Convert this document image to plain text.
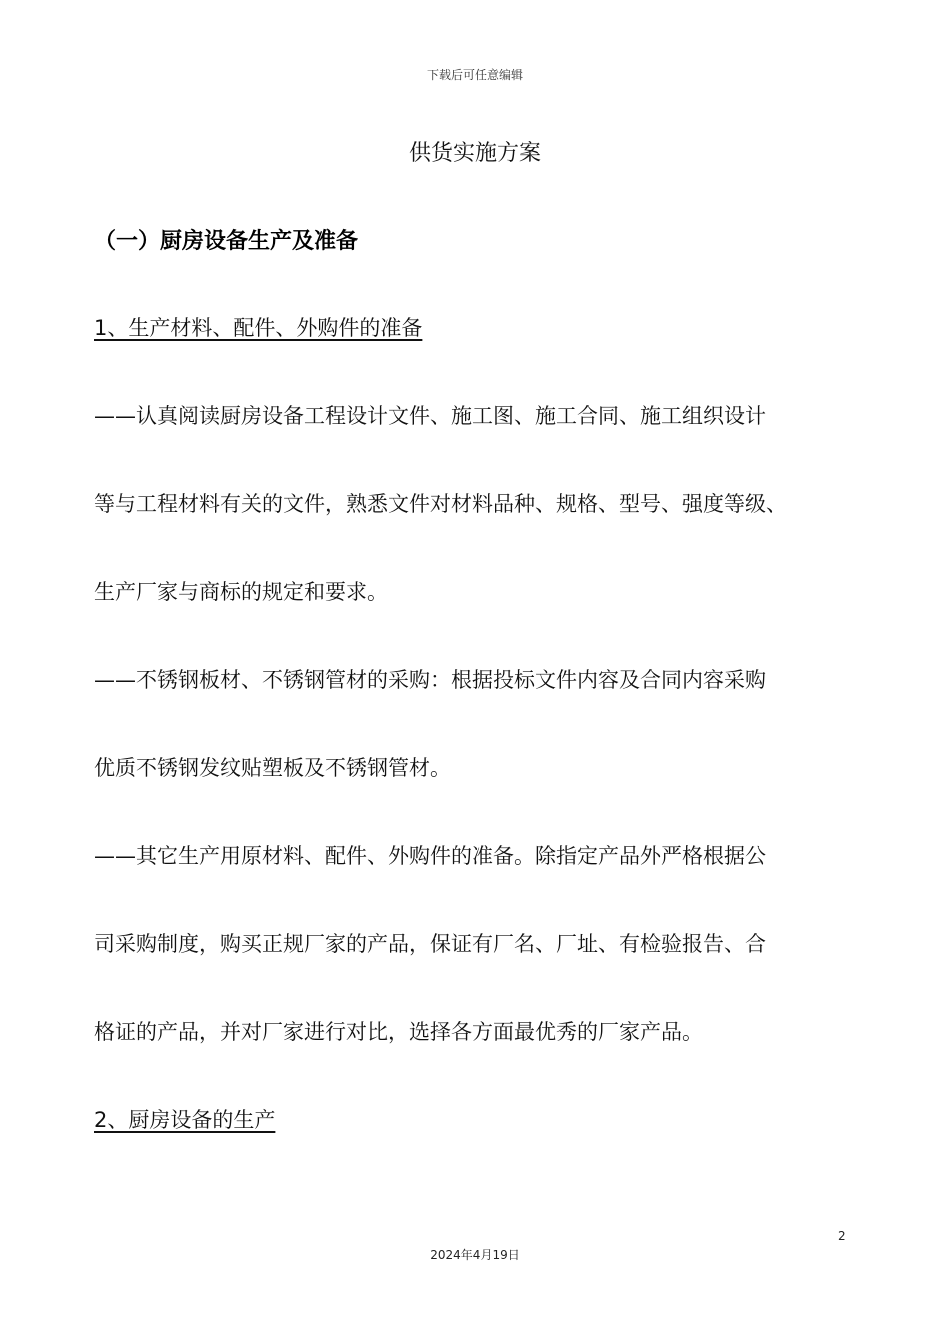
下载后可任意编辑
供货实施方案
（一）厨房设备生产及准备
1、生产材料、配件、外购件的准备
——认真阅读厨房设备工程设计文件、施工图、施工合同、施工组织设计
等与工程材料有关的文件，熟悉文件对材料品种、规格、型号、强度等级、
生产厂家与商标的规定和要求。
——不锈钢板材、不锈钢管材的采购：根据投标文件内容及合同内容采购
优质不锈钢发纹贴塑板及不锈钢管材。
——其它生产用原材料、配件、外购件的准备。除指定产品外严格根据公
司采购制度，购买正规厂家的产品，保证有厂名、厂址、有检验报告、合
格证的产品，并对厂家进行对比，选择各方面最优秀的厂家产品。
2、厨房设备的生产
2
2024年4月19日
